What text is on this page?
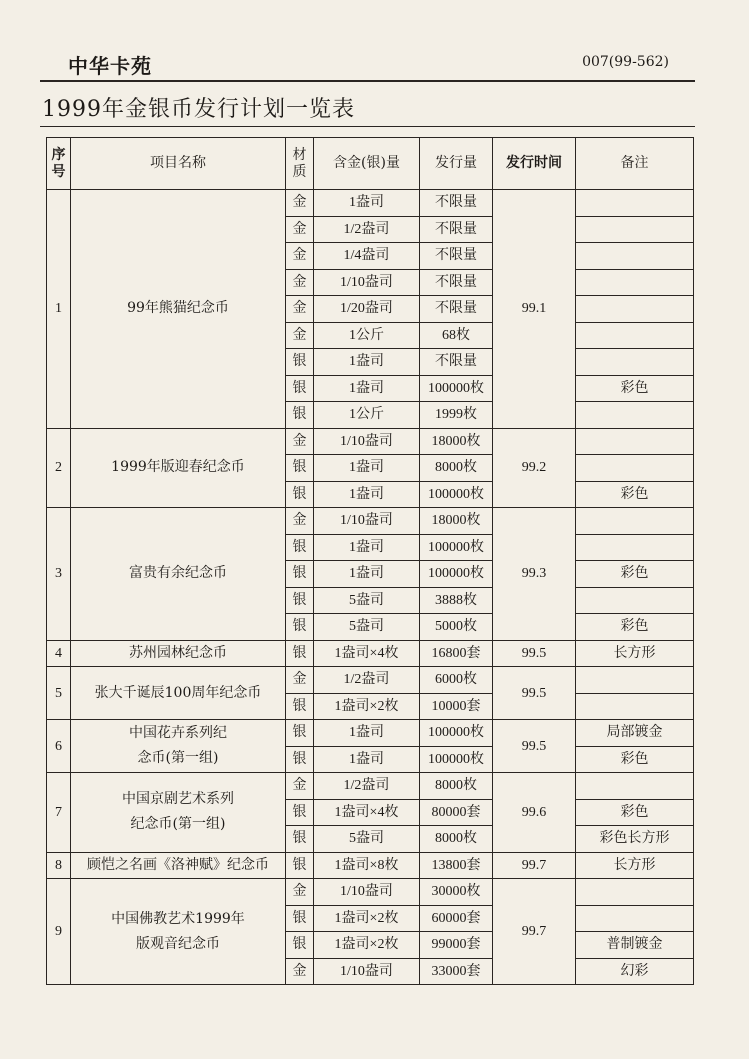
中华卡苑	007(99-562)
1999年金银币发行计划一览表
序号	项目名称	材质	含金(银)量	发行量	发行时间	备注
1	99年熊猫纪念币	金	1盎司	不限量	99.1	
		金	1/2盎司	不限量		
		金	1/4盎司	不限量		
		金	1/10盎司	不限量		
		金	1/20盎司	不限量		
		金	1公斤	68枚		
		银	1盎司	不限量		
		银	1盎司	100000枚		彩色
		银	1公斤	1999枚		
2	1999年版迎春纪念币	金	1/10盎司	18000枚	99.2	
		银	1盎司	8000枚		
		银	1盎司	100000枚		彩色
3	富贵有余纪念币	金	1/10盎司	18000枚	99.3	
		银	1盎司	100000枚		
		银	1盎司	100000枚		彩色
		银	5盎司	3888枚		
		银	5盎司	5000枚		彩色
4	苏州园林纪念币	银	1盎司×4枚	16800套	99.5	长方形
5	张大千诞辰100周年纪念币	金	1/2盎司	6000枚	99.5	
		银	1盎司×2枚	10000套		
6	中国花卉系列纪念币(第一组)	银	1盎司	100000枚	99.5	局部镀金
		银	1盎司	100000枚		彩色
7	中国京剧艺术系列纪念币(第一组)	金	1/2盎司	8000枚	99.6	
		银	1盎司×4枚	80000套		彩色
		银	5盎司	8000枚		彩色长方形
8	顾恺之名画《洛神赋》纪念币	银	1盎司×8枚	13800套	99.7	长方形
9	中国佛教艺术1999年版观音纪念币	金	1/10盎司	30000枚	99.7	
		银	1盎司×2枚	60000套		
		银	1盎司×2枚	99000套		普制镀金
		金	1/10盎司	33000套		幻彩
